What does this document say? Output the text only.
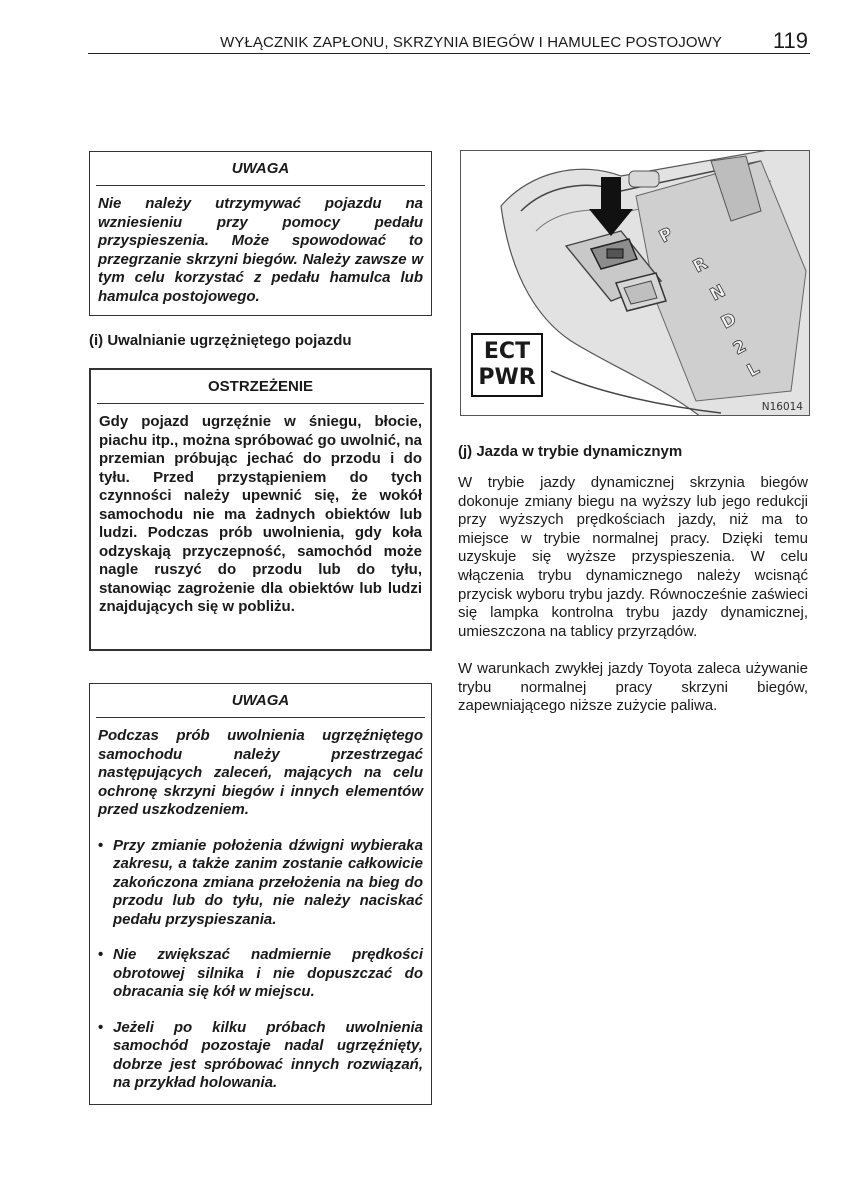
WYŁĄCZNIK ZAPŁONU, SKRZYNIA BIEGÓW I HAMULEC POSTOJOWY 119
UWAGA
Nie należy utrzymywać pojazdu na wzniesieniu przy pomocy pedału przyspieszenia. Może spowodować to przegrzanie skrzyni biegów. Należy zawsze w tym celu korzystać z pedału hamulca lub hamulca postojowego.
(i) Uwalnianie ugrzężniętego pojazdu
OSTRZEŻENIE
Gdy pojazd ugrzęźnie w śniegu, błocie, piachu itp., można spróbować go uwolnić, na przemian próbując jechać do przodu i do tyłu. Przed przystąpieniem do tych czynności należy upewnić się, że wokół samochodu nie ma żadnych obiektów lub ludzi. Podczas prób uwolnienia, gdy koła odzyskają przyczepność, samochód może nagle ruszyć do przodu lub do tyłu, stanowiąc zagrożenie dla obiektów lub ludzi znajdujących się w pobliżu.
UWAGA
Podczas prób uwolnienia ugrzęźniętego samochodu należy przestrzegać następujących zaleceń, mających na celu ochronę skrzyni biegów i innych elementów przed uszkodzeniem.
• Przy zmianie położenia dźwigni wybieraka zakresu, a także zanim zostanie całkowicie zakończona zmiana przełożenia na bieg do przodu lub do tyłu, nie należy naciskać pedału przyspieszania.
• Nie zwiększać nadmiernie prędkości obrotowej silnika i nie dopuszczać do obracania się kół w miejscu.
• Jeżeli po kilku próbach uwolnienia samochód pozostaje nadal ugrzęźnięty, dobrze jest spróbować innych rozwiązań, na przykład holowania.
P
R
N
D
2
L
ECT
PWR
N16014
(j) Jazda w trybie dynamicznym
W trybie jazdy dynamicznej skrzynia biegów dokonuje zmiany biegu na wyższy lub jego redukcji przy wyższych prędkościach jazdy, niż ma to miejsce w trybie normalnej pracy. Dzięki temu uzyskuje się wyższe przyspieszenia. W celu włączenia trybu dynamicznego należy wcisnąć przycisk wyboru trybu jazdy. Równocześnie zaświeci się lampka kontrolna trybu jazdy dynamicznej, umieszczona na tablicy przyrządów.
W warunkach zwykłej jazdy Toyota zaleca używanie trybu normalnej pracy skrzyni biegów, zapewniającego niższe zużycie paliwa.
